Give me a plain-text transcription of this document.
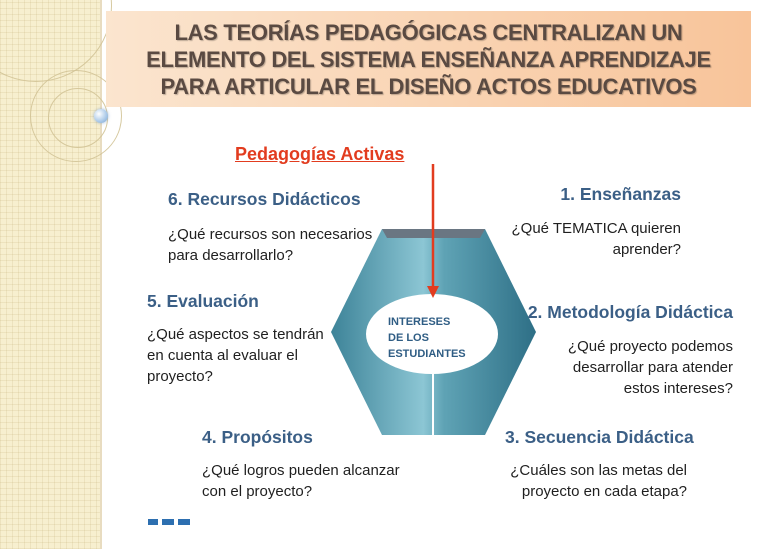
LAS TEORÍAS PEDAGÓGICAS CENTRALIZAN UN
ELEMENTO DEL SISTEMA ENSEÑANZA APRENDIZAJE
PARA ARTICULAR EL DISEÑO ACTOS EDUCATIVOS
Pedagogías Activas
INTERESES
DE LOS
ESTUDIANTES
1. Enseñanzas
¿Qué TEMATICA quieren
aprender?
2. Metodología Didáctica
¿Qué proyecto podemos
desarrollar para atender
estos intereses?
3. Secuencia Didáctica
¿Cuáles son las metas del
proyecto en cada etapa?
4. Propósitos
¿Qué logros pueden alcanzar
con el proyecto?
5. Evaluación
¿Qué aspectos se tendrán
en cuenta al evaluar el
proyecto?
6. Recursos Didácticos
¿Qué recursos son necesarios
para desarrollarlo?
